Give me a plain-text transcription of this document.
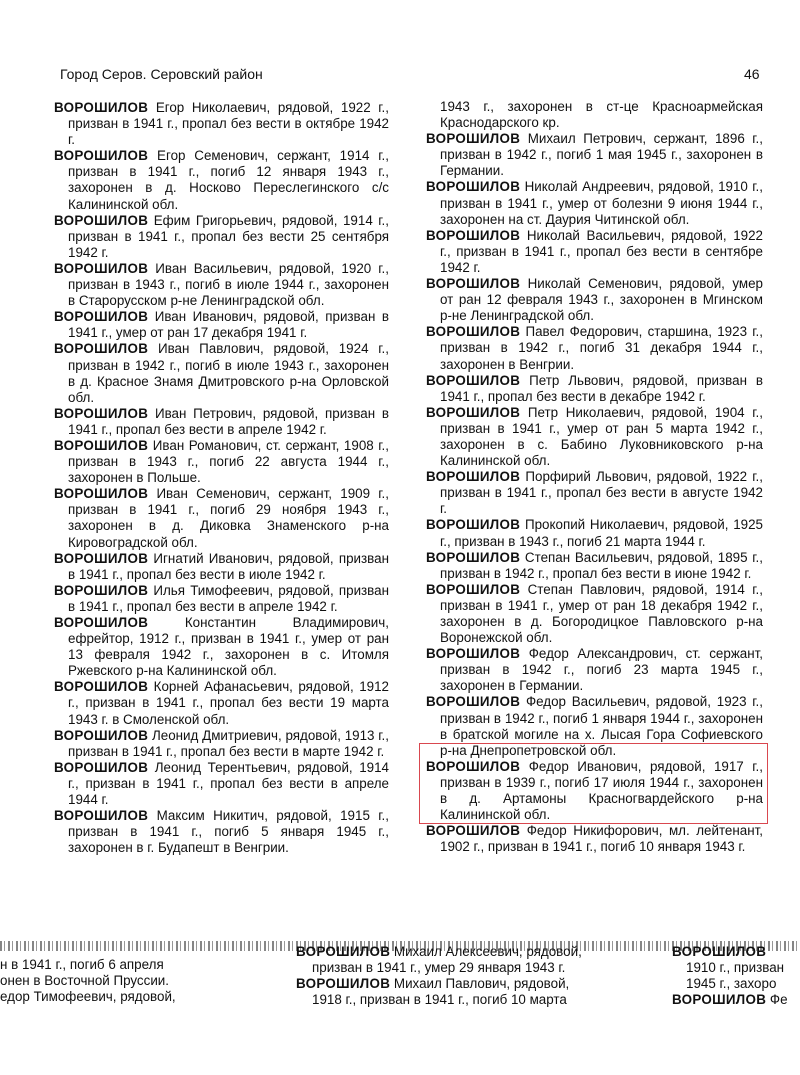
Город Серов. Серовский район	46

ВОРОШИЛОВ Егор Николаевич, рядовой, 1922 г., призван в 1941 г., пропал без вести в октябре 1942 г.

ВОРОШИЛОВ Егор Семенович, сержант, 1914 г., призван в 1941 г., погиб 12 января 1943 г., захоронен в д. Носково Переслегинского с/с Калининской обл.

ВОРОШИЛОВ Ефим Григорьевич, рядовой, 1914 г., призван в 1941 г., пропал без вести 25 сентября 1942 г.

ВОРОШИЛОВ Иван Васильевич, рядовой, 1920 г., призван в 1943 г., погиб в июле 1944 г., захоронен в Старорусском р-не Ленинградской обл.

ВОРОШИЛОВ Иван Иванович, рядовой, призван в 1941 г., умер от ран 17 декабря 1941 г.

ВОРОШИЛОВ Иван Павлович, рядовой, 1924 г., призван в 1942 г., погиб в июле 1943 г., захоронен в д. Красное Знамя Дмитровского р-на Орловской обл.

ВОРОШИЛОВ Иван Петрович, рядовой, призван в 1941 г., пропал без вести в апреле 1942 г.

ВОРОШИЛОВ Иван Романович, ст. сержант, 1908 г., призван в 1943 г., погиб 22 августа 1944 г., захоронен в Польше.

ВОРОШИЛОВ Иван Семенович, сержант, 1909 г., призван в 1941 г., погиб 29 ноября 1943 г., захоронен в д. Диковка Знаменского р-на Кировоградской обл.

ВОРОШИЛОВ Игнатий Иванович, рядовой, призван в 1941 г., пропал без вести в июле 1942 г.

ВОРОШИЛОВ Илья Тимофеевич, рядовой, призван в 1941 г., пропал без вести в апреле 1942 г.

ВОРОШИЛОВ	Константин Владимирович, ефрейтор, 1912 г., призван в 1941 г., умер от ран 13 февраля 1942 г., захоронен в с. Итомля Ржевского р-на Калининской обл.

ВОРОШИЛОВ Корней Афанасьевич, рядовой, 1912 г., призван в 1941 г., пропал без вести 19 марта 1943 г. в Смоленской обл.

ВОРОШИЛОВ Леонид Дмитриевич, рядовой, 1913 г., призван в 1941 г., пропал без вести в марте 1942 г.

ВОРОШИЛОВ Леонид Терентьевич, рядовой, 1914 г., призван в 1941 г., пропал без вести в апреле 1944 г.

ВОРОШИЛОВ Максим Никитич, рядовой, 1915 г., призван в 1941 г., погиб 5 января 1945 г., захоронен в г. Будапешт в Венгрии.

1943 г., захоронен в ст-це Красноармейская Краснодарского кр.

ВОРОШИЛОВ Михаил Петрович, сержант, 1896 г., призван в 1942 г., погиб 1 мая 1945 г., захоронен в Германии.

ВОРОШИЛОВ Николай Андреевич, рядовой, 1910 г., призван в 1941 г., умер от болезни 9 июня 1944 г., захоронен на ст. Даурия Читинской обл.

ВОРОШИЛОВ Николай Васильевич, рядовой, 1922 г., призван в 1941 г., пропал без вести в сентябре 1942 г.

ВОРОШИЛОВ Николай Семенович, рядовой, умер от ран 12 февраля 1943 г., захоронен в Мгинском р-не Ленинградской обл.

ВОРОШИЛОВ Павел Федорович, старшина, 1923 г., призван в 1942 г., погиб 31 декабря 1944 г., захоронен в Венгрии.

ВОРОШИЛОВ Петр Львович, рядовой, призван в 1941 г., пропал без вести в декабре 1942 г.

ВОРОШИЛОВ Петр Николаевич, рядовой, 1904 г., призван в 1941 г., умер от ран 5 марта 1942 г., захоронен в с. Бабино Луковниковского р-на Калининской обл.

ВОРОШИЛОВ Порфирий Львович, рядовой, 1922 г., призван в 1941 г., пропал без вести в августе 1942 г.

ВОРОШИЛОВ Прокопий Николаевич, рядовой, 1925 г., призван в 1943 г., погиб 21 марта 1944 г.

ВОРОШИЛОВ Степан Васильевич, рядовой, 1895 г., призван в 1942 г., пропал без вести в июне 1942 г.

ВОРОШИЛОВ Степан Павлович, рядовой, 1914 г., призван в 1941 г., умер от ран 18 декабря 1942 г., захоронен в д. Богородицкое Павловского р-на Воронежской обл.

ВОРОШИЛОВ Федор Александрович, ст. сержант, призван в 1942 г., погиб 23 марта 1945 г., захоронен в Германии.

ВОРОШИЛОВ Федор Васильевич, рядовой, 1923 г., призван в 1942 г., погиб 1 января 1944 г., захоронен в братской могиле на х. Лысая Гора Софиевского р-на Днепропетровской обл.

ВОРОШИЛОВ Федор Иванович, рядовой, 1917 г., призван в 1939 г., погиб 17 июля 1944 г., захоронен в д. Артамоны Красногвардейского р-на Калининской обл.

ВОРОШИЛОВ Федор Никифорович, мл. лейтенант, 1902 г., призван в 1941 г., погиб 10 января 1943 г.

н в 1941 г., погиб 6 апреля
онен в Восточной Пруссии.
едор Тимофеевич, рядовой,
ВОРОШИЛОВ Михаил Алексеевич, рядовой,
призван в 1941 г., умер 29 января 1943 г.
ВОРОШИЛОВ Михаил Павлович, рядовой,
1918 г., призван в 1941 г., погиб 10 марта
ВОРОШИЛОВ
1910 г., призван
1945 г., захоро
ВОРОШИЛОВ Фе
